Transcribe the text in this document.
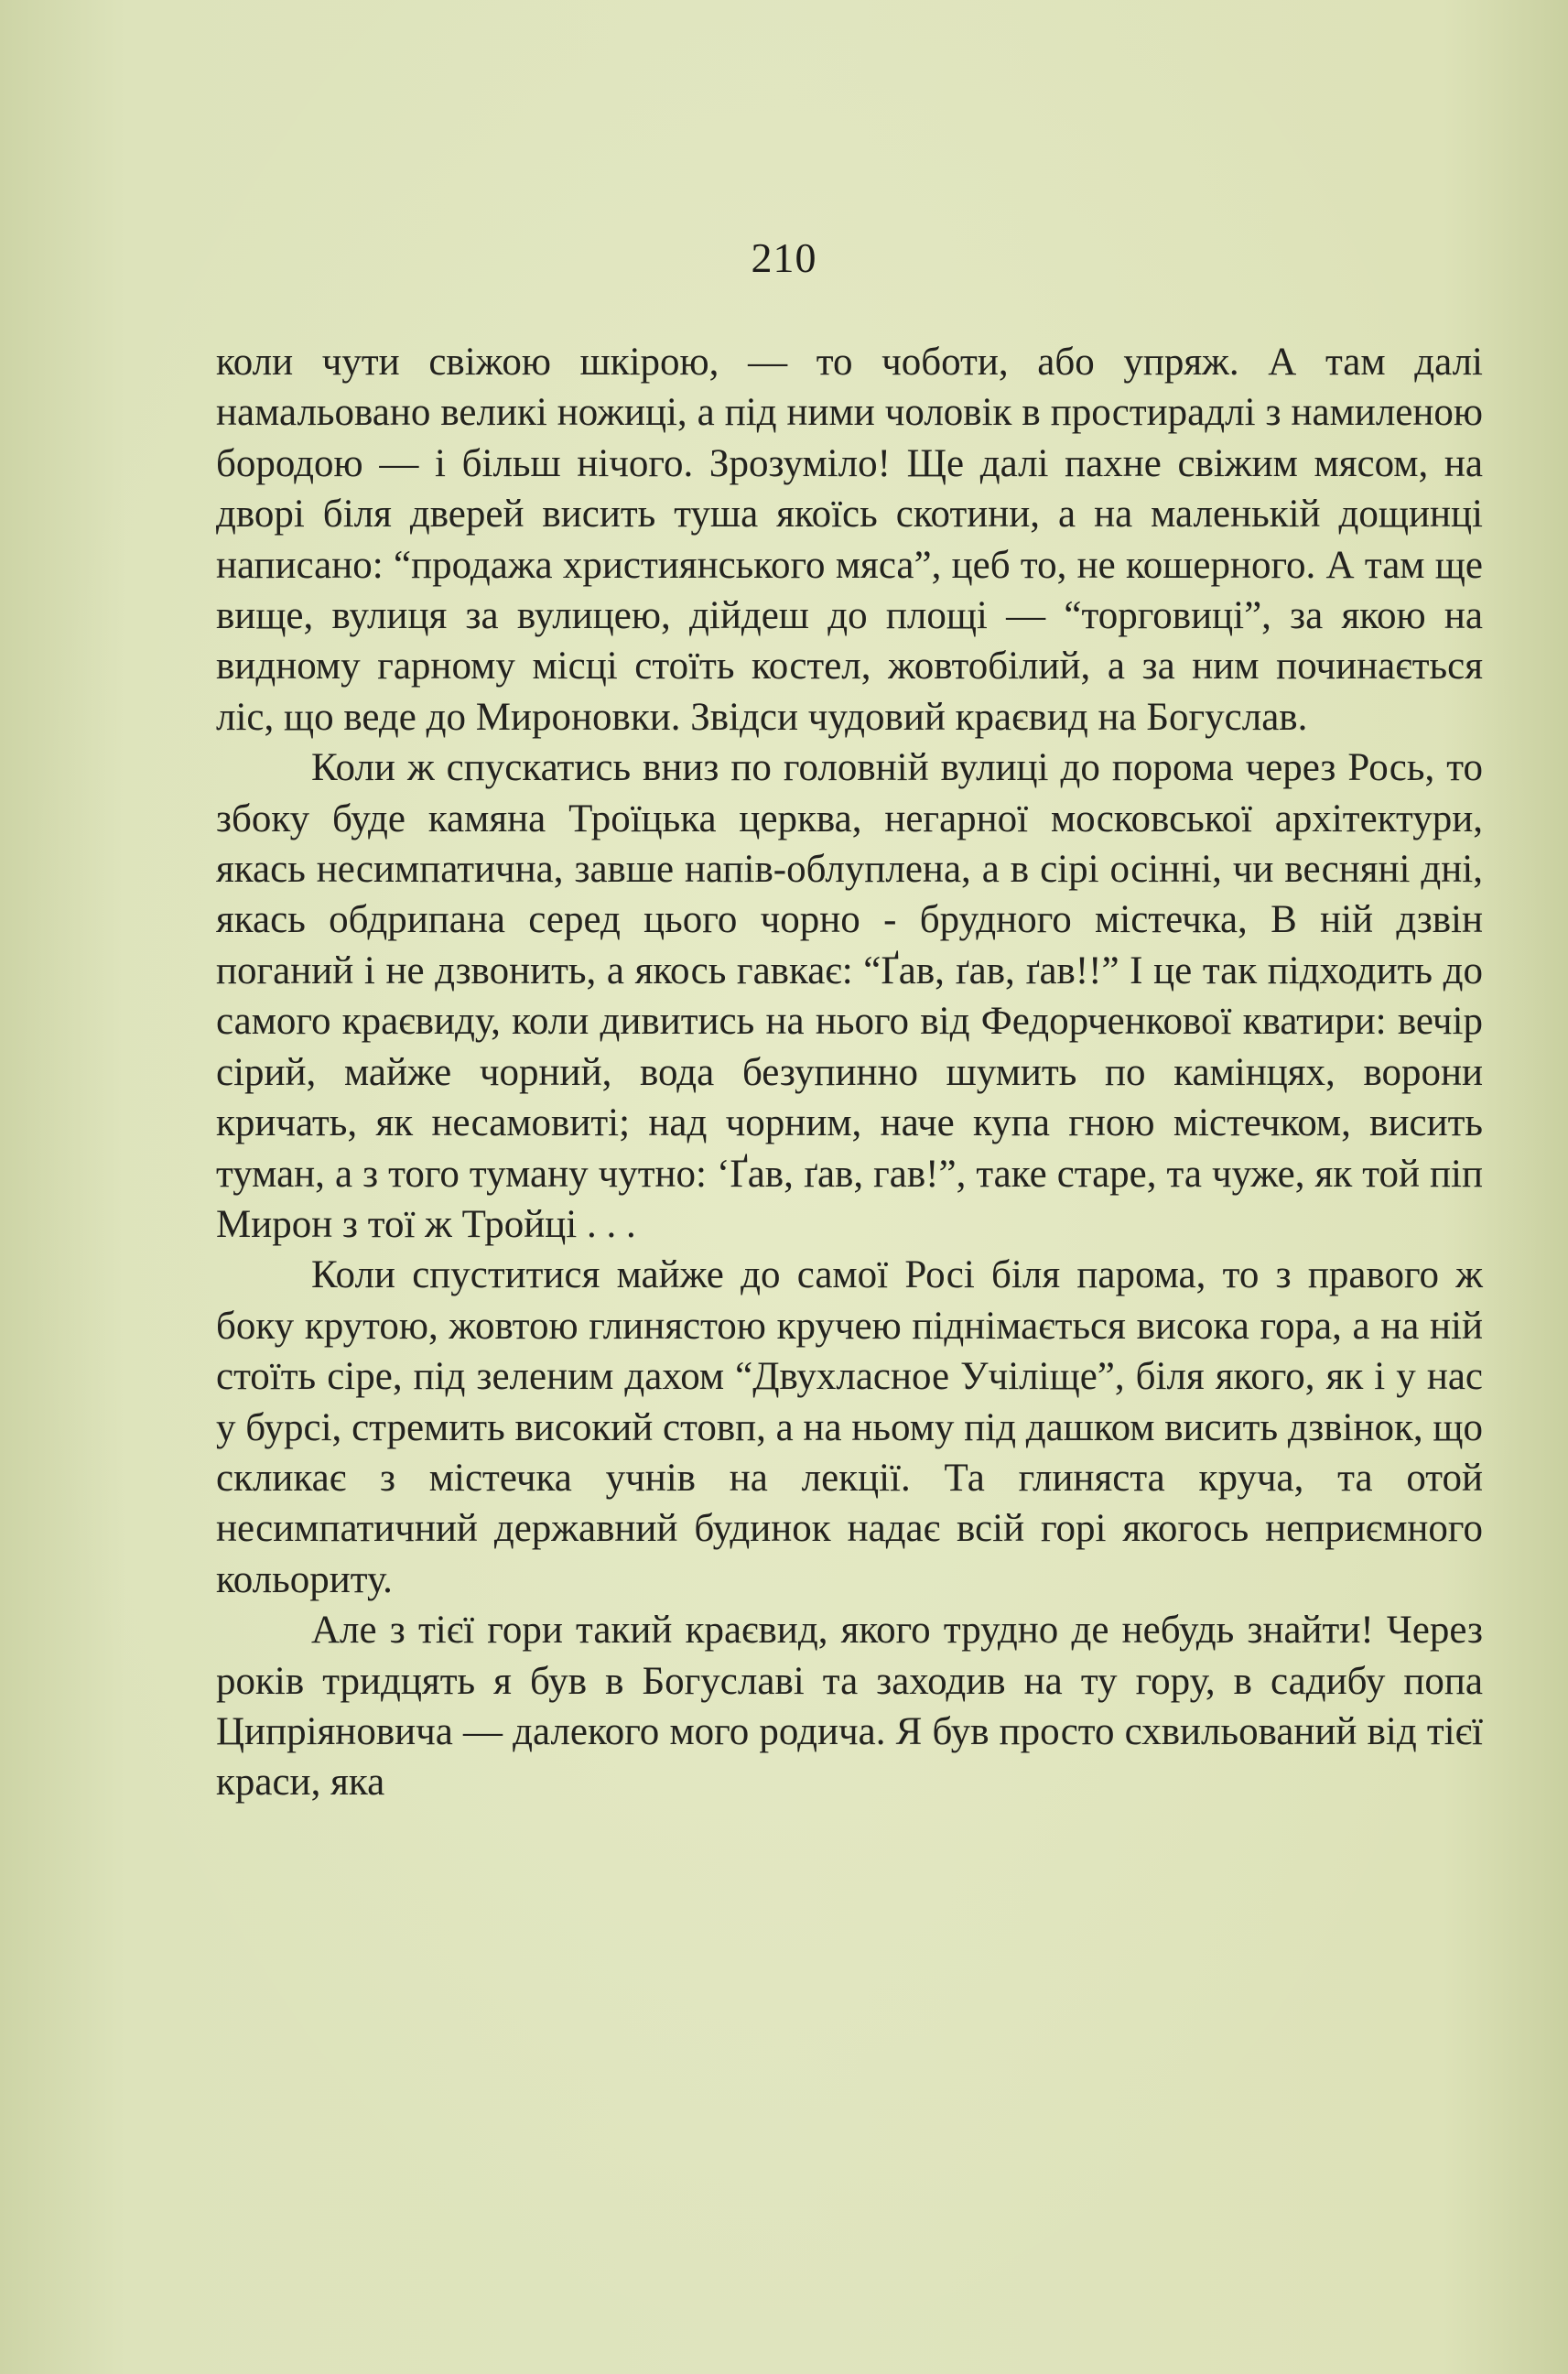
210

коли чути свіжою шкірою, — то чоботи, або упряж. А там далі намальовано великі ножиці, а під ними чоловік в простирадлі з намиленою бородою — і більш нічого. Зрозуміло! Ще далі пахне свіжим мясом, на дворі біля дверей висить туша якоїсь скотини, а на маленькій дощинці написано: “продажа християнського мяса”, цеб то, не кошерного. А там ще вище, вулиця за вулицею, дійдеш до площі — “торговиці”, за якою на видному гарному місці стоїть костел, жовтобілий, а за ним починається ліс, що веде до Мироновки. Звідси чудовий краєвид на Богуслав.

Коли ж спускатись вниз по головній вулиці до порома через Рось, то збоку буде камяна Троїцька церква, негарної московської архітектури, якась несимпатична, завше напів-облуплена, а в сірі осінні, чи весняні дні, якась обдрипана серед цього чорно - брудного містечка, В ній дзвін поганий і не дзвонить, а якось гавкає: “Ґав, ґав, ґав!!” І це так підходить до самого краєвиду, коли дивитись на нього від Федорченкової кватири: вечір сірий, майже чорний, вода безупинно шумить по камінцях, ворони кричать, як несамовиті; над чорним, наче купа гною містечком, висить туман, а з того туману чутно: ‘Ґав, ґав, гав!”, таке старе, та чуже, як той піп Мирон з тої ж Тройці . . .

Коли спуститися майже до самої Росі біля парома, то з правого ж боку крутою, жовтою глинястою кручею піднімається висока гора, а на ній стоїть сіре, під зеленим дахом “Двухласное Учіліще”, біля якого, як і у нас у бурсі, стремить високий стовп, а на ньому під дашком висить дзвінок, що скликає з містечка учнів на лекції. Та глиняста круча, та отой несимпатичний державний будинок надає всій горі якогось неприємного кольориту.

Але з тієї гори такий краєвид, якого трудно де небудь знайти! Через років тридцять я був в Богуславі та заходив на ту гору, в садибу попа Ципріяновича — далекого мого родича. Я був просто схвильований від тієї краси, яка
